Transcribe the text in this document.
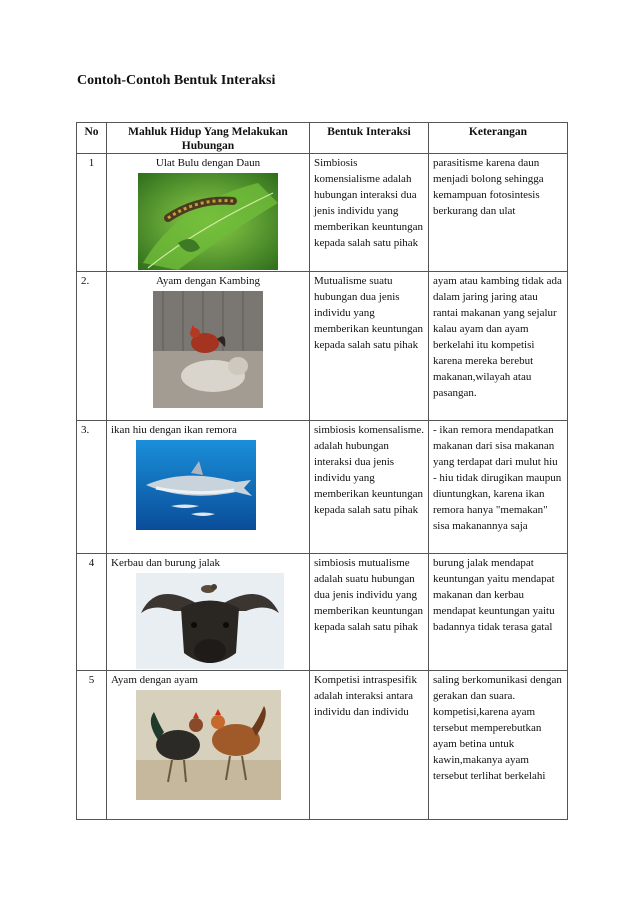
Contoh-Contoh Bentuk Interaksi

No	Mahluk Hidup Yang Melakukan Hubungan	Bentuk Interaksi	Keterangan
1	Ulat Bulu dengan Daun	Simbiosis komensialisme adalah hubungan interaksi dua jenis individu yang memberikan keuntungan kepada salah satu pihak	parasitisme karena daun menjadi bolong sehingga kemampuan fotosintesis berkurang dan ulat
2.	Ayam dengan Kambing	Mutualisme suatu hubungan dua jenis individu yang memberikan keuntungan kepada salah satu pihak	ayam atau kambing tidak ada dalam jaring jaring atau rantai makanan yang sejalur kalau ayam dan ayam berkelahi itu kompetisi karena mereka berebut makanan,wilayah atau pasangan.
3.	ikan hiu dengan ikan remora	simbiosis komensalisme. adalah hubungan interaksi dua jenis individu yang memberikan keuntungan kepada salah satu pihak	- ikan remora mendapatkan makanan dari sisa makanan yang terdapat dari mulut hiu - hiu tidak dirugikan maupun diuntungkan, karena ikan remora hanya "memakan" sisa makanannya saja
4	Kerbau dan burung jalak	simbiosis mutualisme adalah suatu hubungan dua jenis individu yang memberikan keuntungan kepada salah satu pihak	burung jalak mendapat keuntungan yaitu mendapat makanan dan kerbau mendapat keuntungan yaitu badannya tidak terasa gatal
5	Ayam dengan ayam	Kompetisi intraspesifik adalah interaksi antara individu dan individu	saling berkomunikasi dengan gerakan dan suara. kompetisi,karena ayam tersebut memperebutkan ayam betina untuk kawin,makanya ayam tersebut terlihat berkelahi
